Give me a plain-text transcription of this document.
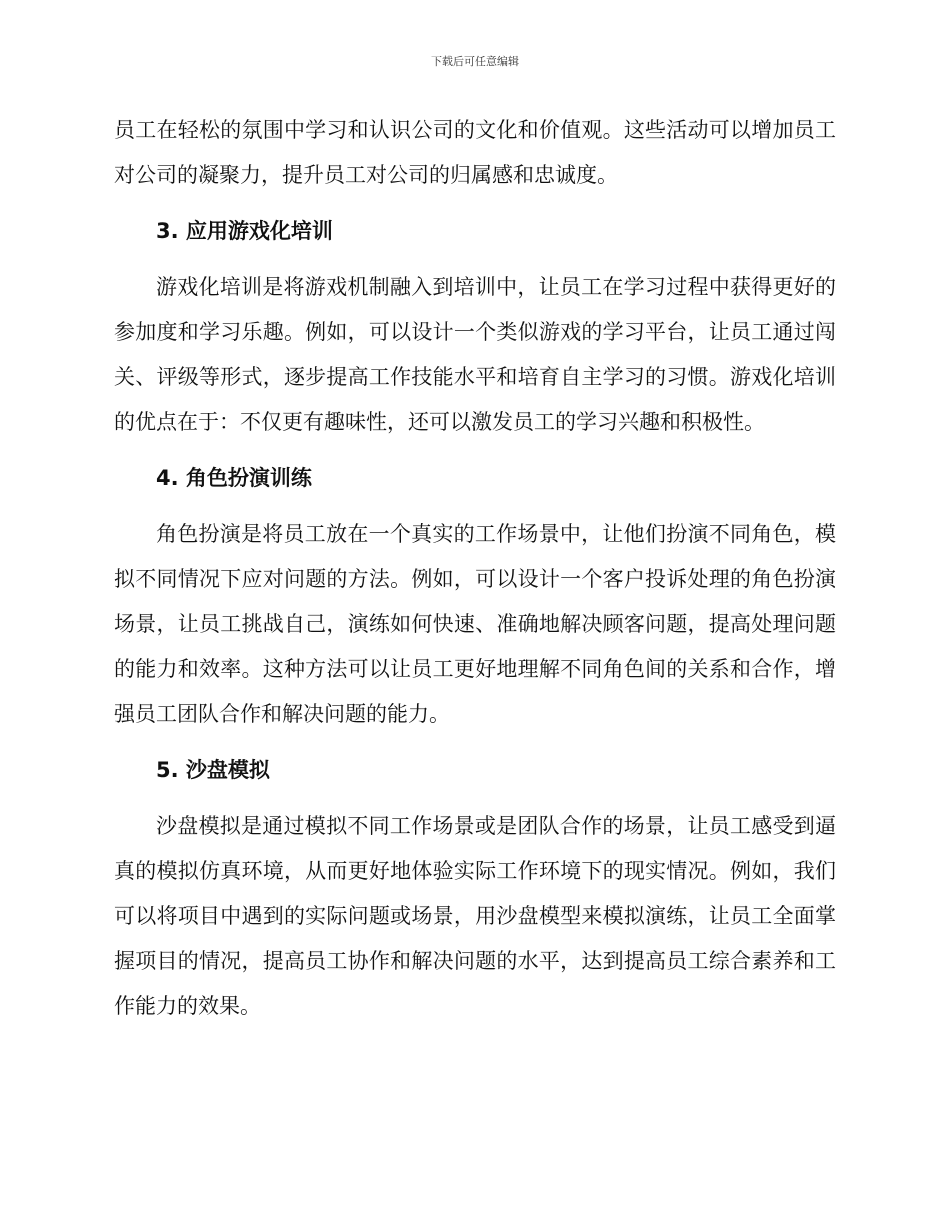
下载后可任意编辑

员工在轻松的氛围中学习和认识公司的文化和价值观。这些活动可以增加员工对公司的凝聚力，提升员工对公司的归属感和忠诚度。

3. 应用游戏化培训

游戏化培训是将游戏机制融入到培训中，让员工在学习过程中获得更好的参加度和学习乐趣。例如，可以设计一个类似游戏的学习平台，让员工通过闯关、评级等形式，逐步提高工作技能水平和培育自主学习的习惯。游戏化培训的优点在于：不仅更有趣味性，还可以激发员工的学习兴趣和积极性。

4. 角色扮演训练

角色扮演是将员工放在一个真实的工作场景中，让他们扮演不同角色，模拟不同情况下应对问题的方法。例如，可以设计一个客户投诉处理的角色扮演场景，让员工挑战自己，演练如何快速、准确地解决顾客问题，提高处理问题的能力和效率。这种方法可以让员工更好地理解不同角色间的关系和合作，增强员工团队合作和解决问题的能力。

5. 沙盘模拟

沙盘模拟是通过模拟不同工作场景或是团队合作的场景，让员工感受到逼真的模拟仿真环境，从而更好地体验实际工作环境下的现实情况。例如，我们可以将项目中遇到的实际问题或场景，用沙盘模型来模拟演练，让员工全面掌握项目的情况，提高员工协作和解决问题的水平，达到提高员工综合素养和工作能力的效果。
